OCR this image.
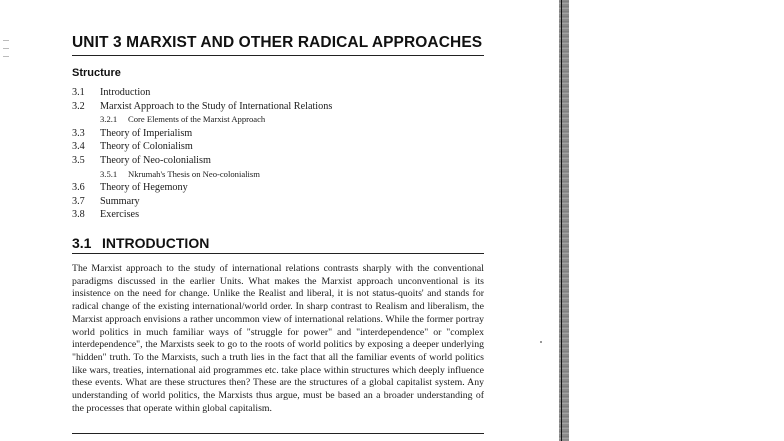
UNIT 3 MARXIST AND OTHER RADICAL APPROACHES
Structure
3.1 Introduction
3.2 Marxist Approach to the Study of International Relations
3.2.1 Core Elements of the Marxist Approach
3.3 Theory of Imperialism
3.4 Theory of Colonialism
3.5 Theory of Neo-colonialism
3.5.1 Nkrumah's Thesis on Neo-colonialism
3.6 Theory of Hegemony
3.7 Summary
3.8 Exercises
3.1 INTRODUCTION
The Marxist approach to the study of international relations contrasts sharply with the conventional paradigms discussed in the earlier Units. What makes the Marxist approach unconventional is its insistence on the need for change. Unlike the Realist and liberal, it is not status-quoits' and stands for radical change of the existing international/world order. In sharp contrast to Realism and liberalism, the Marxist approach envisions a rather uncommon view of international relations. While the former portray world politics in much familiar ways of "struggle for power" and "interdependence" or "complex interdependence", the Marxists seek to go to the roots of world politics by exposing a deeper underlying "hidden" truth. To the Marxists, such a truth lies in the fact that all the familiar events of world politics like wars, treaties, international aid programmes etc. take place within structures which deeply influence these events. What are these structures then? These are the structures of a global capitalist system. Any understanding of world politics, the Marxists thus argue, must be based an a broader understanding of the processes that operate within global capitalism.
